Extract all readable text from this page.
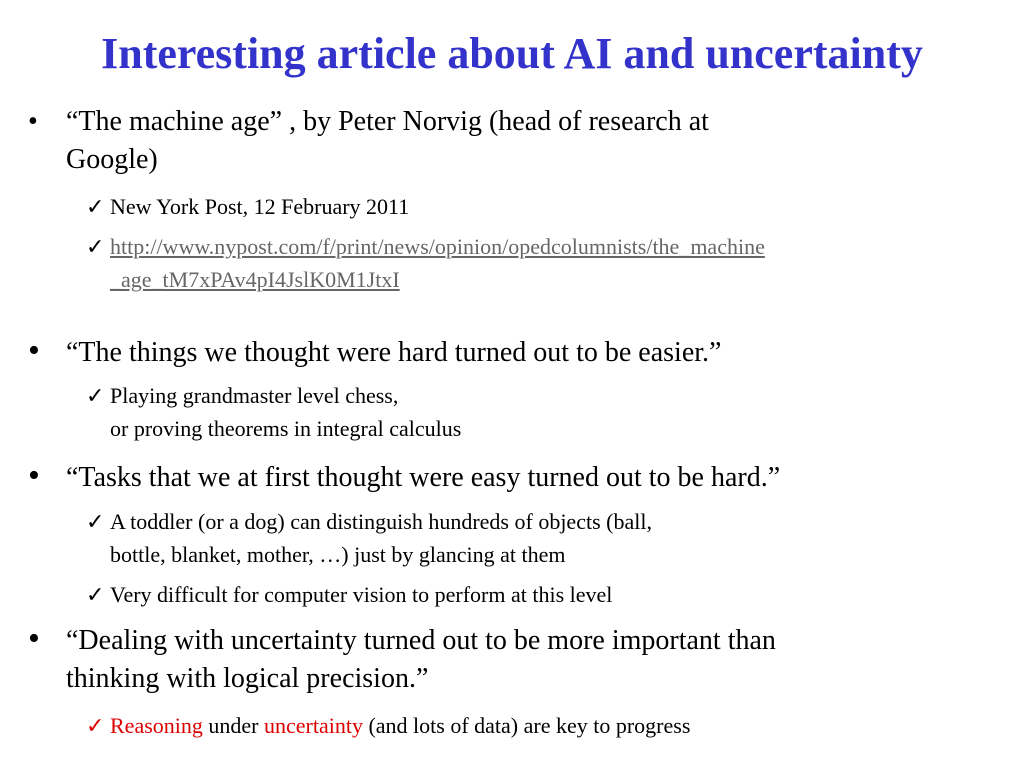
Interesting article about AI and uncertainty
•	“The machine age” , by Peter Norvig (head of research at
Google)
✓ New York Post, 12 February 2011
✓ http://www.nypost.com/f/print/news/opinion/opedcolumnists/the_machine
_age_tM7xPAv4pI4JslK0M1JtxI
• “The things we thought were hard turned out to be easier.”
✓ Playing grandmaster level chess,
or proving theorems in integral calculus
• “Tasks that we at first thought were easy turned out to be hard.”
✓ A toddler (or a dog) can distinguish hundreds of objects (ball,
bottle, blanket, mother, …) just by glancing at them
✓ Very difficult for computer vision to perform at this level
• “Dealing with uncertainty turned out to be more important than
thinking with logical precision.”
✓ Reasoning under uncertainty (and lots of data) are key to progress
